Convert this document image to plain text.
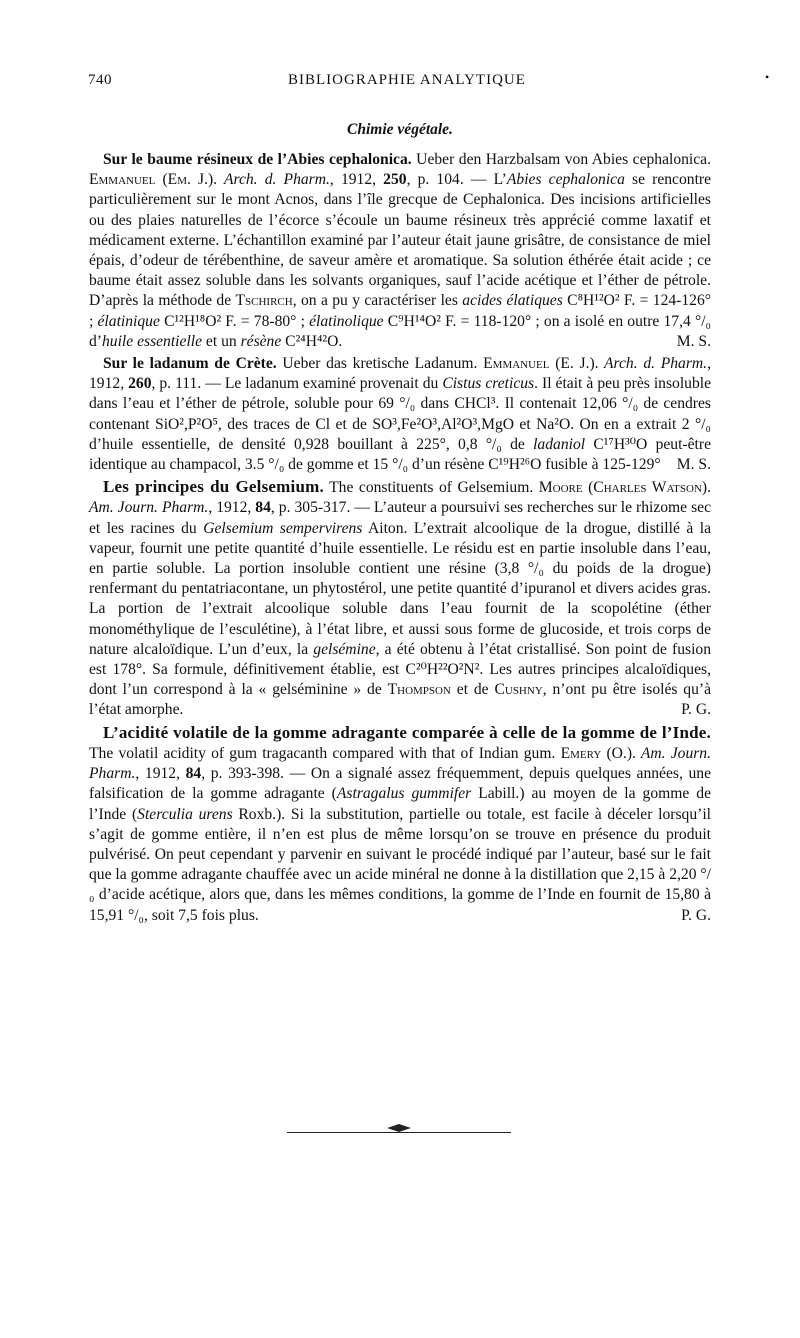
740	BIBLIOGRAPHIE ANALYTIQUE	•
Chimie végétale.

Sur le baume résineux de l’Abies cephalonica. Ueber den Harzbalsam von Abies cephalonica. Emmanuel (Em. J.). Arch. d. Pharm., 1912, 250, p. 104. — L’Abies cephalonica se rencontre particulièrement sur le mont Acnos, dans l’île grecque de Cephalonica. Des incisions artificielles ou des plaies naturelles de l’écorce s’écoule un baume résineux très apprécié comme laxatif et médicament externe. L’échantillon examiné par l’auteur était jaune grisâtre, de consistance de miel épais, d’odeur de térébenthine, de saveur amère et aromatique. Sa solution éthérée était acide ; ce baume était assez soluble dans les solvants organiques, sauf l’acide acétique et l’éther de pétrole. D’après la méthode de Tschirch, on a pu y caractériser les acides élatiques C⁸H¹²O² F. = 124-126° ; élatinique C¹²H¹⁸O² F. = 78-80° ; élatinolique C⁹H¹⁴O² F. = 118-120° ; on a isolé en outre 17,4 °/₀ d’huile essentielle et un résène C²⁴H⁴²O.	M. S.

Sur le ladanum de Crète. Ueber das kretische Ladanum. Emmanuel (E. J.). Arch. d. Pharm., 1912, 260, p. 111. — Le ladanum examiné provenait du Cistus creticus. Il était à peu près insoluble dans l’eau et l’éther de pétrole, soluble pour 69 °/₀ dans CHCl³. Il contenait 12,06 °/₀ de cendres contenant SiO²,P²O⁵, des traces de Cl et de SO³,Fe²O³,Al²O³,MgO et Na²O. On en a extrait 2 °/₀ d’huile essentielle, de densité 0,928 bouillant à 225°, 0,8 °/₀ de ladaniol C¹⁷H³⁰O peut-être identique au champacol, 3.5 °/₀ de gomme et 15 °/₀ d’un résène C¹⁹H²⁶O fusible à 125-129°	M. S.

Les principes du Gelsemium. The constituents of Gelsemium. Moore (Charles Watson). Am. Journ. Pharm., 1912, 84, p. 305-317. — L’auteur a poursuivi ses recherches sur le rhizome sec et les racines du Gelsemium sempervirens Aiton. L’extrait alcoolique de la drogue, distillé à la vapeur, fournit une petite quantité d’huile essentielle. Le résidu est en partie insoluble dans l’eau, en partie soluble. La portion insoluble contient une résine (3,8 °/₀ du poids de la drogue) renfermant du pentatriacontane, un phytostérol, une petite quantité d’ipuranol et divers acides gras. La portion de l’extrait alcoolique soluble dans l’eau fournit de la scopolétine (éther monométhylique de l’esculétine), à l’état libre, et aussi sous forme de glucoside, et trois corps de nature alcaloïdique. L’un d’eux, la gelsémine, a été obtenu à l’état cristallisé. Son point de fusion est 178°. Sa formule, définitivement établie, est C²⁰H²²O²N². Les autres principes alcaloïdiques, dont l’un correspond à la « gelséminine » de Thompson et de Cushny, n’ont pu être isolés qu’à l’état amorphe.	P. G.

L’acidité volatile de la gomme adragante comparée à celle de la gomme de l’Inde. The volatil acidity of gum tragacanth compared with that of Indian gum. Emery (O.). Am. Journ. Pharm., 1912, 84, p. 393-398. — On a signalé assez fréquemment, depuis quelques années, une falsification de la gomme adragante (Astragalus gummifer Labill.) au moyen de la gomme de l’Inde (Sterculia urens Roxb.). Si la substitution, partielle ou totale, est facile à déceler lorsqu’il s’agit de gomme entière, il n’en est plus de même lorsqu’on se trouve en présence du produit pulvérisé. On peut cependant y parvenir en suivant le procédé indiqué par l’auteur, basé sur le fait que la gomme adragante chauffée avec un acide minéral ne donne à la distillation que 2,15 à 2,20 °/₀ d’acide acétique, alors que, dans les mêmes conditions, la gomme de l’Inde en fournit de 15,80 à 15,91 °/₀, soit 7,5 fois plus.	P. G.
